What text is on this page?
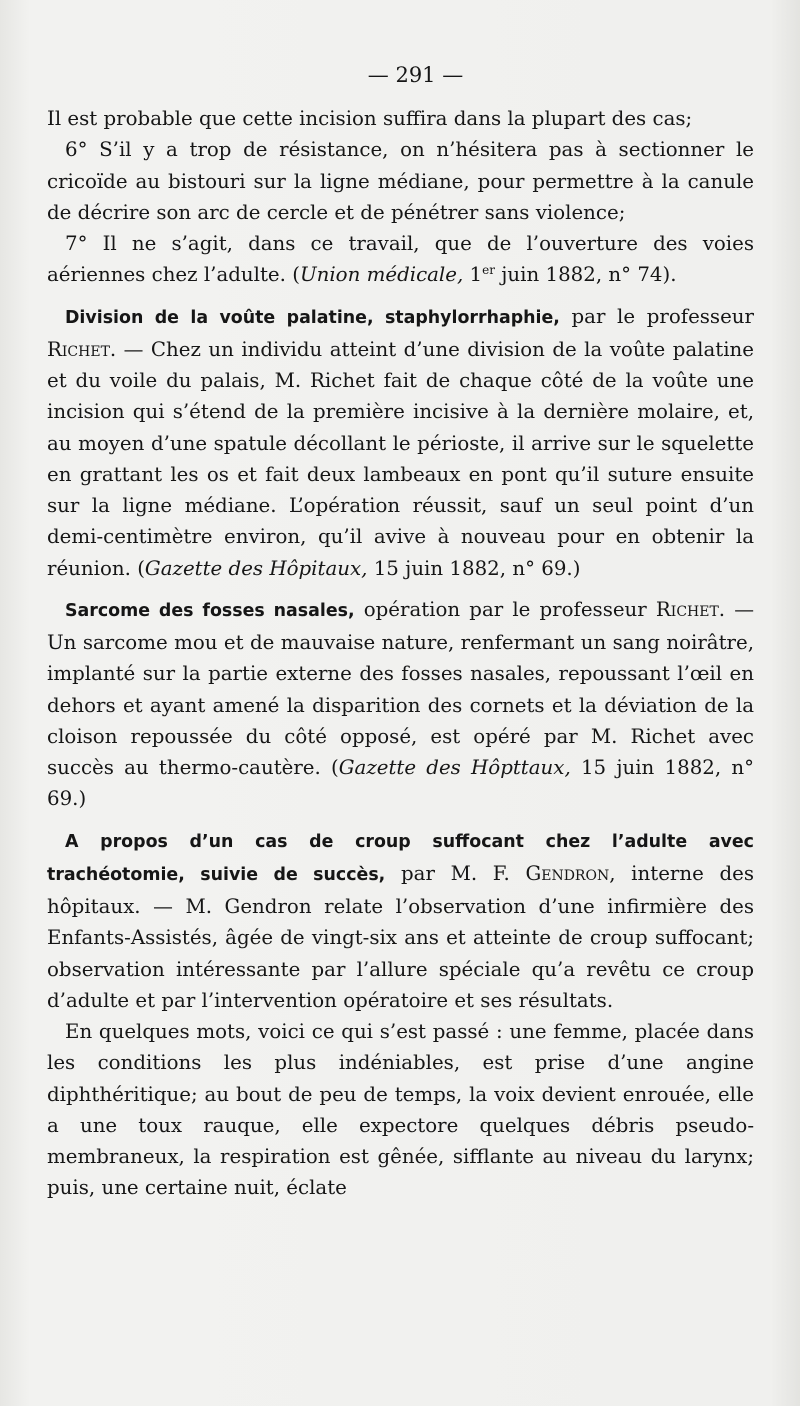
— 291 —

Il est probable que cette incision suffira dans la plupart des cas;

6° S’il y a trop de résistance, on n’hésitera pas à sectionner le cricoïde au bistouri sur la ligne médiane, pour permettre à la canule de décrire son arc de cercle et de pénétrer sans violence;

7° Il ne s’agit, dans ce travail, que de l’ouverture des voies aériennes chez l’adulte. (Union médicale, 1er juin 1882, n° 74).

Division de la voûte palatine, staphylorrhaphie, par le professeur Richet. — Chez un individu atteint d’une division de la voûte palatine et du voile du palais, M. Richet fait de chaque côté de la voûte une incision qui s’étend de la première incisive à la dernière molaire, et, au moyen d’une spatule décollant le périoste, il arrive sur le squelette en grattant les os et fait deux lambeaux en pont qu’il suture ensuite sur la ligne médiane. L’opération réussit, sauf un seul point d’un demi-centimètre environ, qu’il avive à nouveau pour en obtenir la réunion. (Gazette des Hôpitaux, 15 juin 1882, n° 69.)

Sarcome des fosses nasales, opération par le professeur Richet. — Un sarcome mou et de mauvaise nature, renfermant un sang noirâtre, implanté sur la partie externe des fosses nasales, repoussant l’œil en dehors et ayant amené la disparition des cornets et la déviation de la cloison repoussée du côté opposé, est opéré par M. Richet avec succès au thermo-cautère. (Gazette des Hôpttaux, 15 juin 1882, n° 69.)

A propos d’un cas de croup suffocant chez l’adulte avec trachéotomie, suivie de succès, par M. F. Gendron, interne des hôpitaux. — M. Gendron relate l’observation d’une infirmière des Enfants-Assistés, âgée de vingt-six ans et atteinte de croup suffocant; observation intéressante par l’allure spéciale qu’a revêtu ce croup d’adulte et par l’intervention opératoire et ses résultats.

En quelques mots, voici ce qui s’est passé : une femme, placée dans les conditions les plus indéniables, est prise d’une angine diphthéritique; au bout de peu de temps, la voix devient enrouée, elle a une toux rauque, elle expectore quelques débris pseudo-membraneux, la respiration est gênée, sifflante au niveau du larynx; puis, une certaine nuit, éclate
